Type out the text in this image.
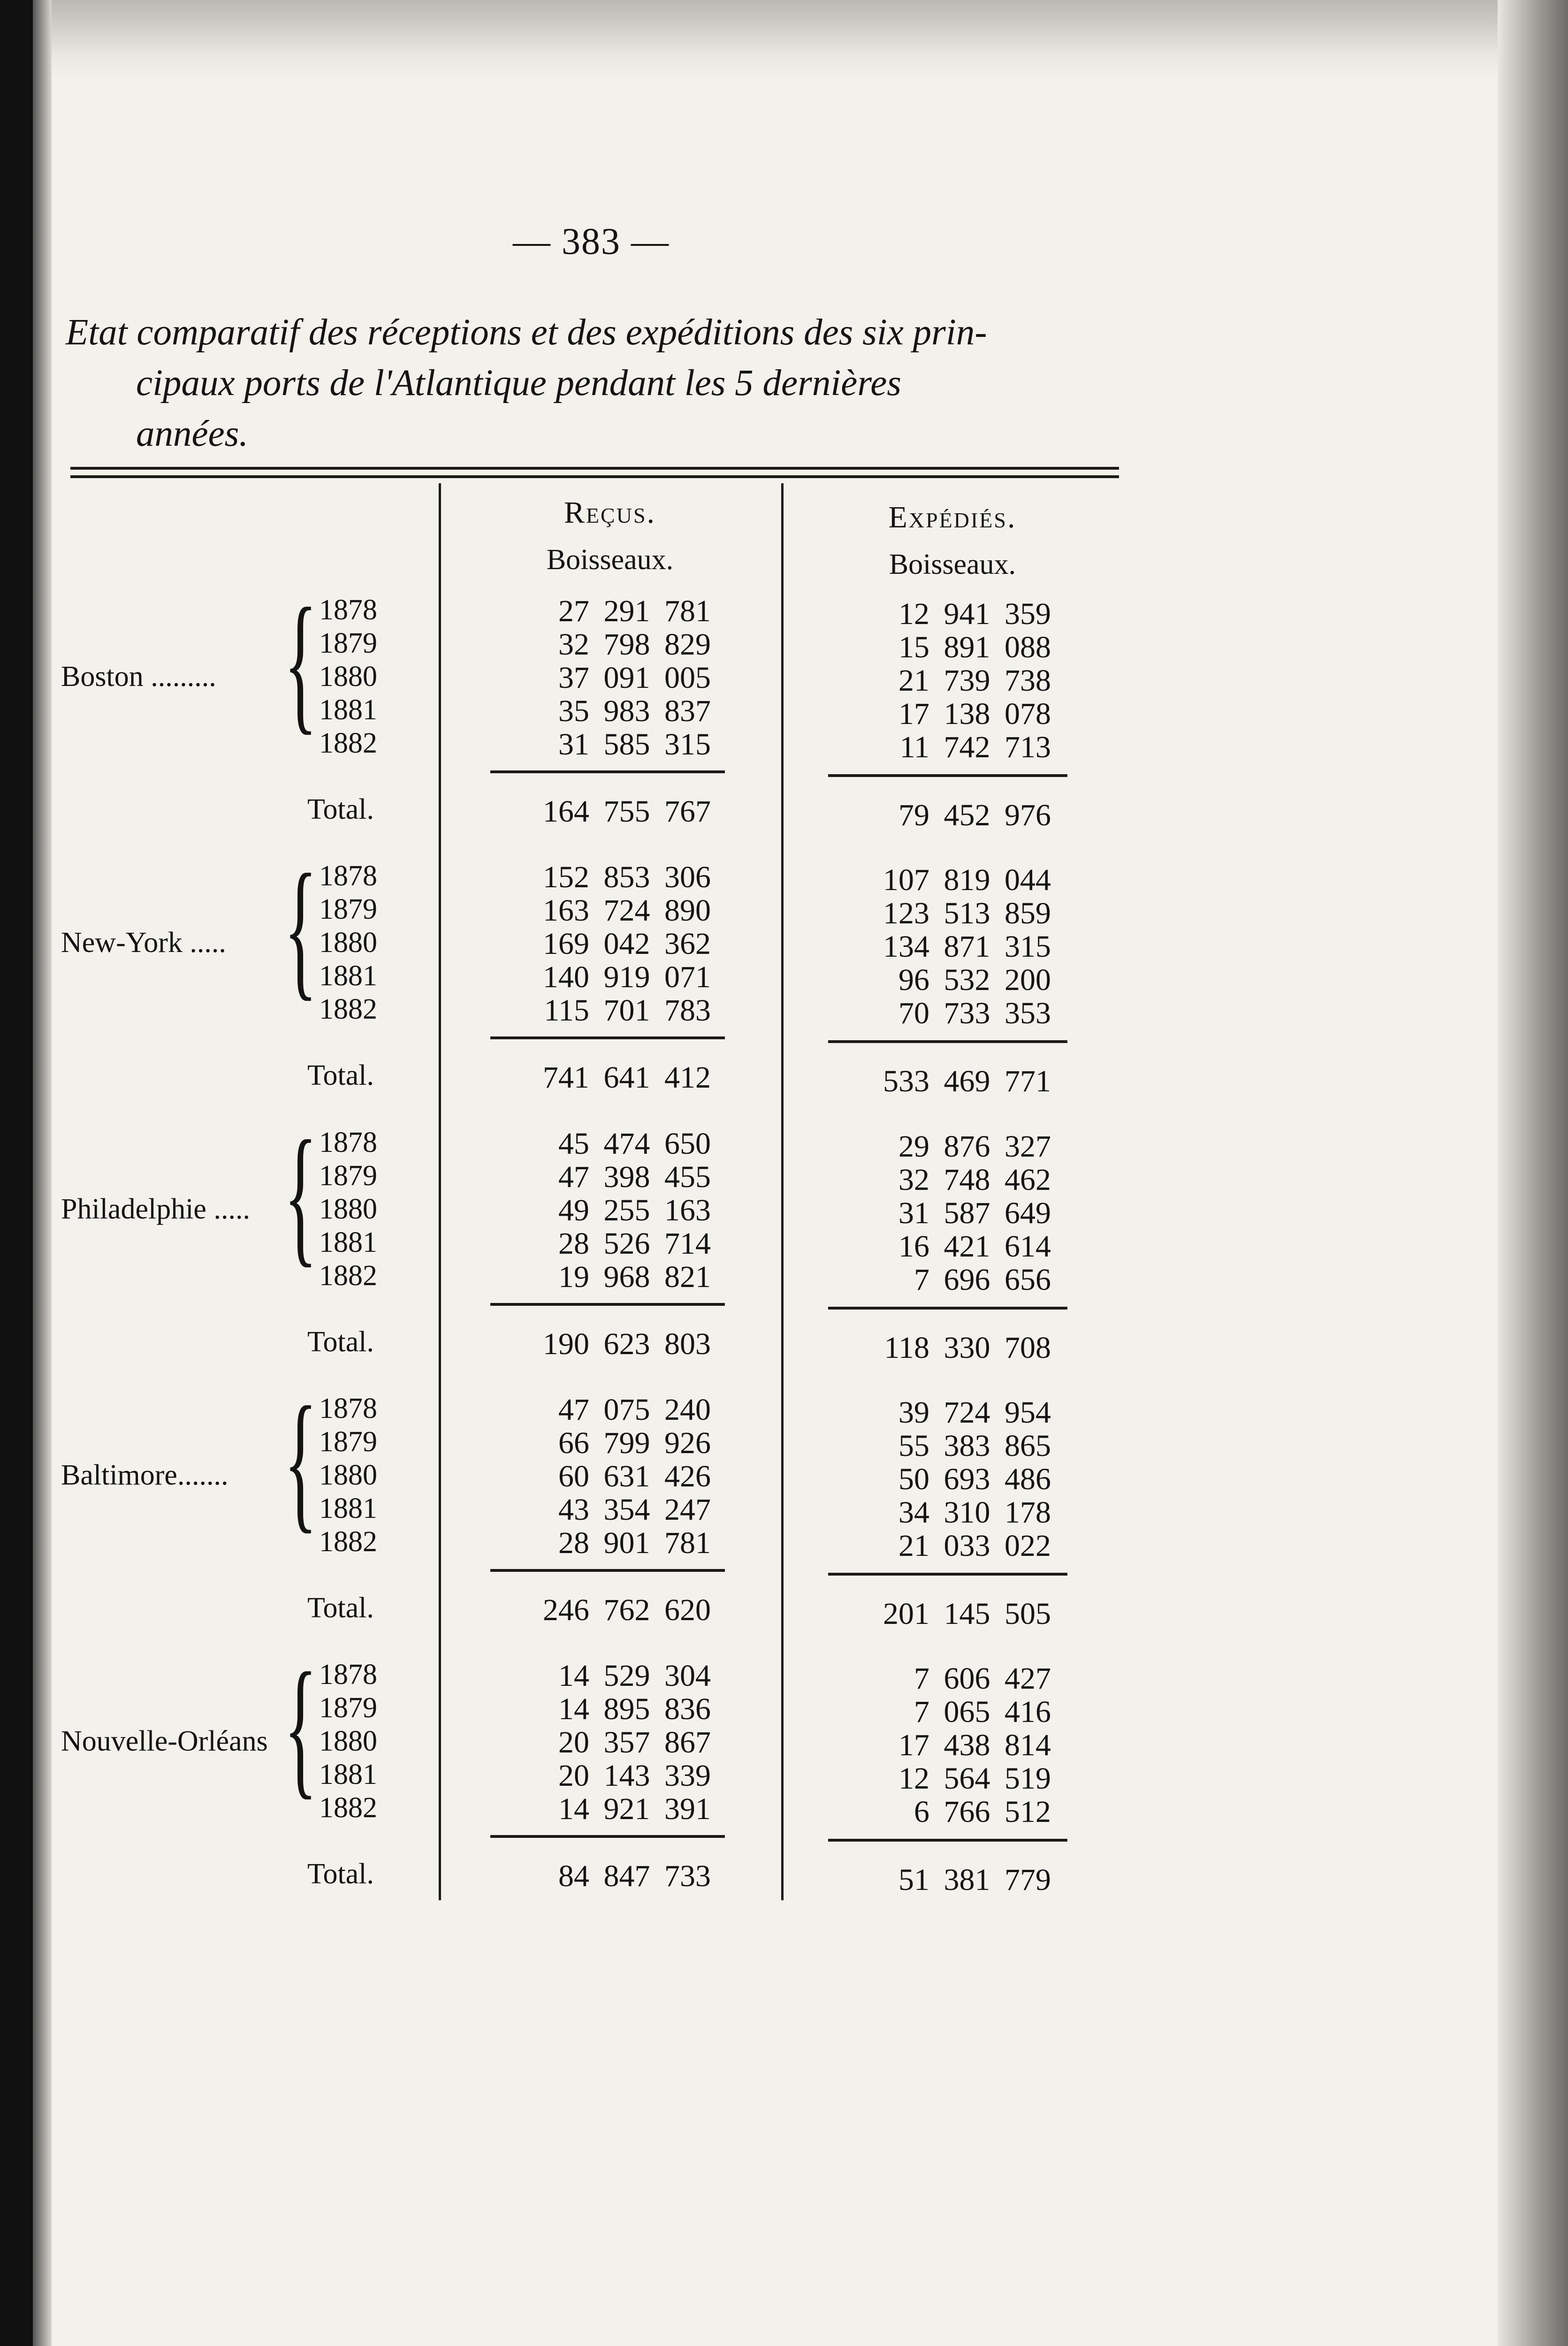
— 383 —
Etat comparatif des réceptions et des expéditions des six prin-
cipaux ports de l'Atlantique pendant les 5 dernières
années.
Reçus.
Boisseaux.
Expédiés.
Boisseaux.
Boston ......... { 1878	27 291 781	12 941 359
1879	32 798 829	15 891 088
1880	37 091 005	21 739 738
1881	35 983 837	17 138 078
1882	31 585 315	11 742 713
Total.	164 755 767	79 452 976
New-York ..... { 1878	152 853 306	107 819 044
1879	163 724 890	123 513 859
1880	169 042 362	134 871 315
1881	140 919 071	96 532 200
1882	115 701 783	70 733 353
Total.	741 641 412	533 469 771
Philadelphie ..... { 1878	45 474 650	29 876 327
1879	47 398 455	32 748 462
1880	49 255 163	31 587 649
1881	28 526 714	16 421 614
1882	19 968 821	7 696 656
Total.	190 623 803	118 330 708
Baltimore....... { 1878	47 075 240	39 724 954
1879	66 799 926	55 383 865
1880	60 631 426	50 693 486
1881	43 354 247	34 310 178
1882	28 901 781	21 033 022
Total.	246 762 620	201 145 505
Nouvelle-Orléans { 1878	14 529 304	7 606 427
1879	14 895 836	7 065 416
1880	20 357 867	17 438 814
1881	20 143 339	12 564 519
1882	14 921 391	6 766 512
Total.	84 847 733	51 381 779
